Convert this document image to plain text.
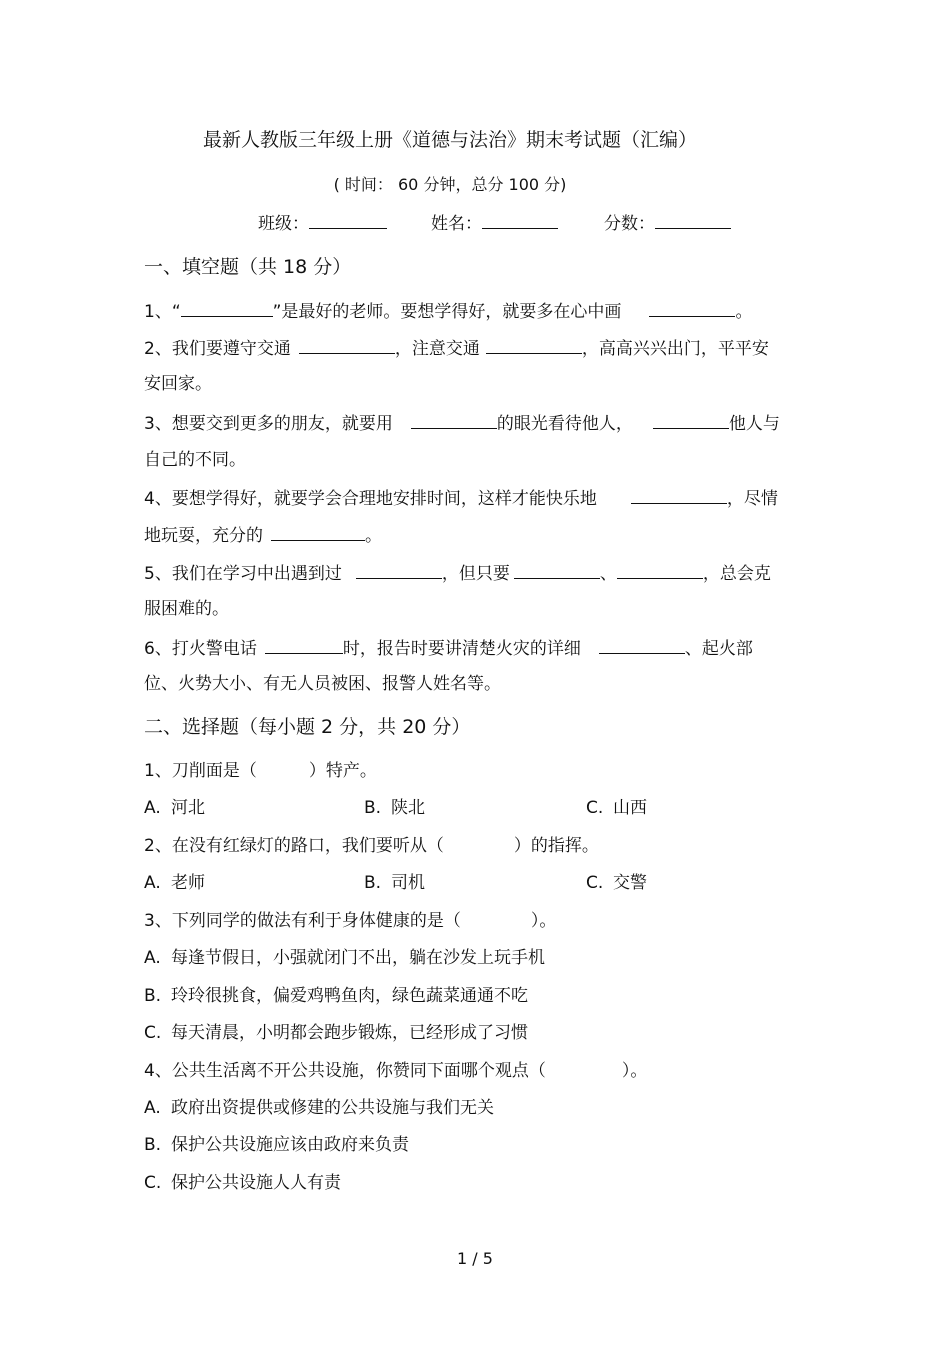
最新人教版三年级上册《道德与法治》期末考试题（汇编）
( 时间： 60 分钟，总分 100 分)
班级：	姓名：	分数：
一、填空题（共 18 分）
1、“	”是最好的老师。要想学得好，就要多在心中画	。
2、我们要遵守交通	，注意交通	，高高兴兴出门，平平安
安回家。
3、想要交到更多的朋友，就要用	的眼光看待他人，	他人与
自己的不同。
4、要想学得好，就要学会合理地安排时间，这样才能快乐地	，尽情
地玩耍，充分的	。
5、我们在学习中出遇到过	，但只要	、	，总会克
服困难的。
6、打火警电话	时，报告时要讲清楚火灾的详细	、起火部
位、火势大小、有无人员被困、报警人姓名等。
二、选择题（每小题 2 分，共 20 分）
1、刀削面是（	）特产。
A. 河北	B. 陕北	C. 山西
2、在没有红绿灯的路口，我们要听从（	）的指挥。
A. 老师	B. 司机	C. 交警
3、下列同学的做法有利于身体健康的是（	）。
A. 每逢节假日，小强就闭门不出，躺在沙发上玩手机
B. 玲玲很挑食，偏爱鸡鸭鱼肉，绿色蔬菜通通不吃
C. 每天清晨，小明都会跑步锻炼，已经形成了习惯
4、公共生活离不开公共设施，你赞同下面哪个观点（	）。
A. 政府出资提供或修建的公共设施与我们无关
B. 保护公共设施应该由政府来负责
C. 保护公共设施人人有责
1 / 5
